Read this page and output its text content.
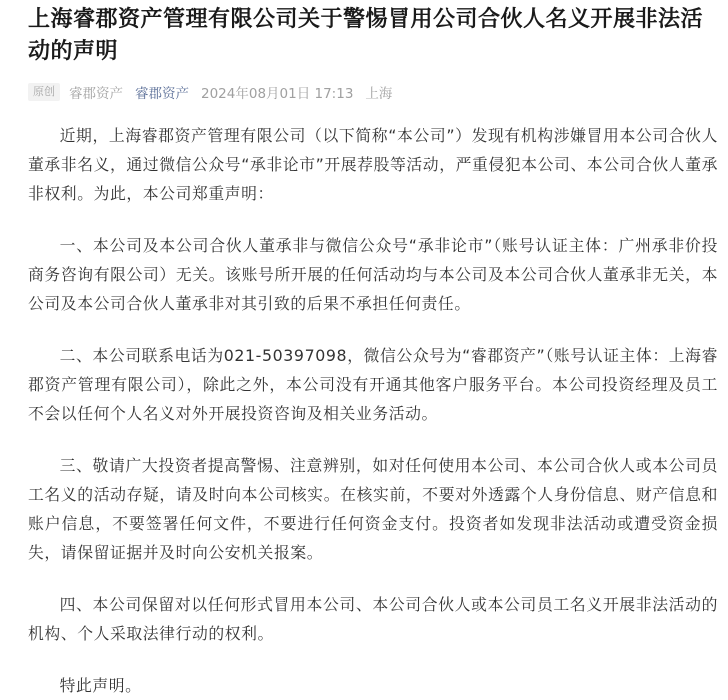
上海睿郡资产管理有限公司关于警惕冒用公司合伙人名义开展非法活动的声明
原创	睿郡资产 睿郡资产 2024年08月01日 17:13 上海

近期，上海睿郡资产管理有限公司（以下简称“本公司”）发现有机构涉嫌冒用本公司合伙人董承非名义，通过微信公众号“承非论市”开展荐股等活动，严重侵犯本公司、本公司合伙人董承非权利。为此，本公司郑重声明：

一、本公司及本公司合伙人董承非与微信公众号“承非论市”（账号认证主体：广州承非价投商务咨询有限公司）无关。该账号所开展的任何活动均与本公司及本公司合伙人董承非无关，本公司及本公司合伙人董承非对其引致的后果不承担任何责任。

二、本公司联系电话为021-50397098，微信公众号为“睿郡资产”（账号认证主体：上海睿郡资产管理有限公司），除此之外，本公司没有开通其他客户服务平台。本公司投资经理及员工不会以任何个人名义对外开展投资咨询及相关业务活动。

三、敬请广大投资者提高警惕、注意辨别，如对任何使用本公司、本公司合伙人或本公司员工名义的活动存疑，请及时向本公司核实。在核实前，不要对外透露个人身份信息、财产信息和账户信息，不要签署任何文件，不要进行任何资金支付。投资者如发现非法活动或遭受资金损失，请保留证据并及时向公安机关报案。

四、本公司保留对以任何形式冒用本公司、本公司合伙人或本公司员工名义开展非法活动的机构、个人采取法律行动的权利。

特此声明。
